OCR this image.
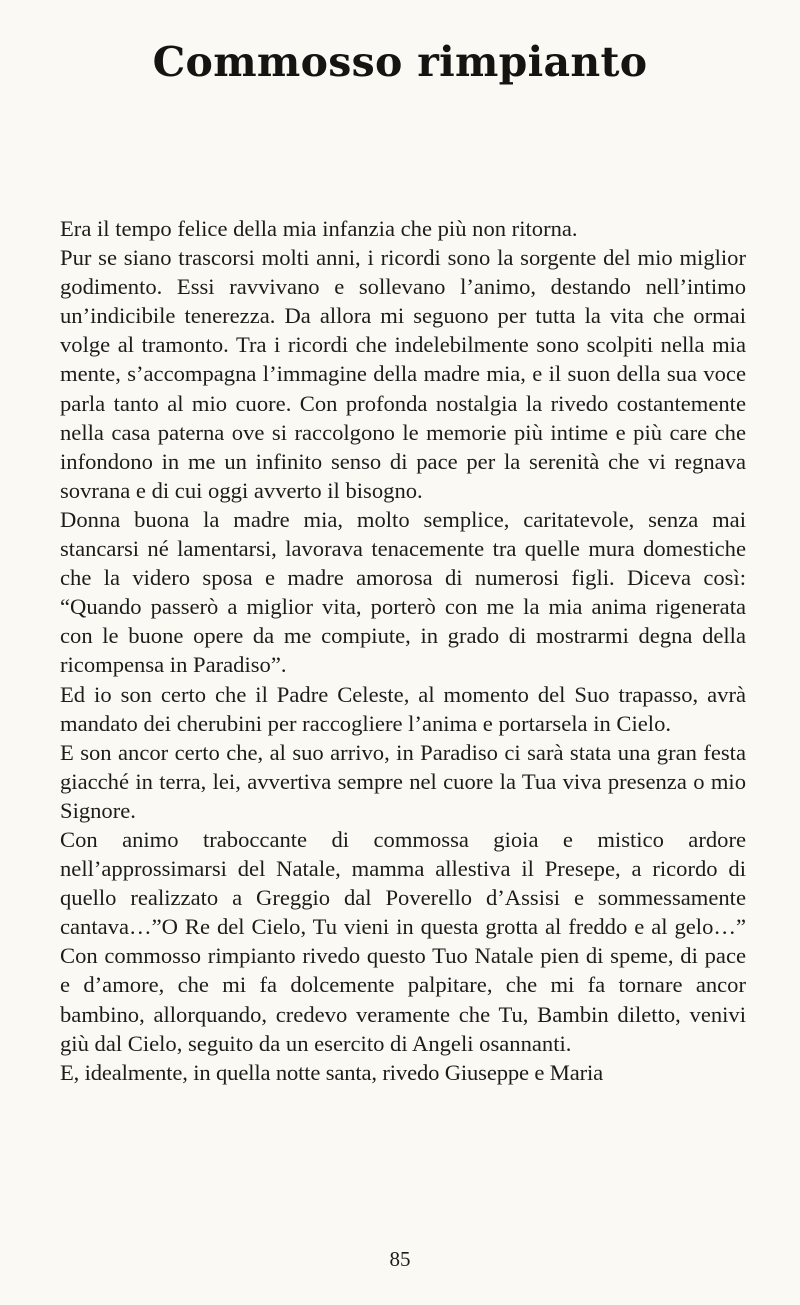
Commosso rimpianto

Era il tempo felice della mia infanzia che più non ritorna.

Pur se siano trascorsi molti anni, i ricordi sono la sorgente del mio miglior godimento. Essi ravvivano e sollevano l’animo, destando nell’intimo un’indicibile tenerezza. Da allora mi seguono per tutta la vita che ormai volge al tramonto. Tra i ricordi che indelebilmente sono scolpiti nella mia mente, s’accompagna l’immagine della madre mia, e il suon della sua voce parla tanto al mio cuore. Con profonda nostalgia la rivedo costantemente nella casa paterna ove si raccolgono le memorie più intime e più care che infondono in me un infinito senso di pace per la serenità che vi regnava sovrana e di cui oggi avverto il bisogno.

Donna buona la madre mia, molto semplice, caritatevole, senza mai stancarsi né lamentarsi, lavorava tenacemente tra quelle mura domestiche che la videro sposa e madre amorosa di numerosi figli. Diceva così: “Quando passerò a miglior vita, porterò con me la mia anima rigenerata con le buone opere da me compiute, in grado di mostrarmi degna della ricompensa in Paradiso”.

Ed io son certo che il Padre Celeste, al momento del Suo trapasso, avrà mandato dei cherubini per raccogliere l’anima e portarsela in Cielo.

E son ancor certo che, al suo arrivo, in Paradiso ci sarà stata una gran festa giacché in terra, lei, avvertiva sempre nel cuore la Tua viva presenza o mio Signore.

Con animo traboccante di commossa gioia e mistico ardore nell’approssimarsi del Natale, mamma allestiva il Presepe, a ricordo di quello realizzato a Greggio dal Poverello d’Assisi e sommessamente cantava…”O Re del Cielo, Tu vieni in questa grotta al freddo e al gelo…” Con commosso rimpianto rivedo questo Tuo Natale pien di speme, di pace e d’amore, che mi fa dolcemente palpitare, che mi fa tornare ancor bambino, allorquando, credevo veramente che Tu, Bambin diletto, venivi giù dal Cielo, seguito da un esercito di Angeli osannanti.

E, idealmente, in quella notte santa, rivedo Giuseppe e Maria

85
